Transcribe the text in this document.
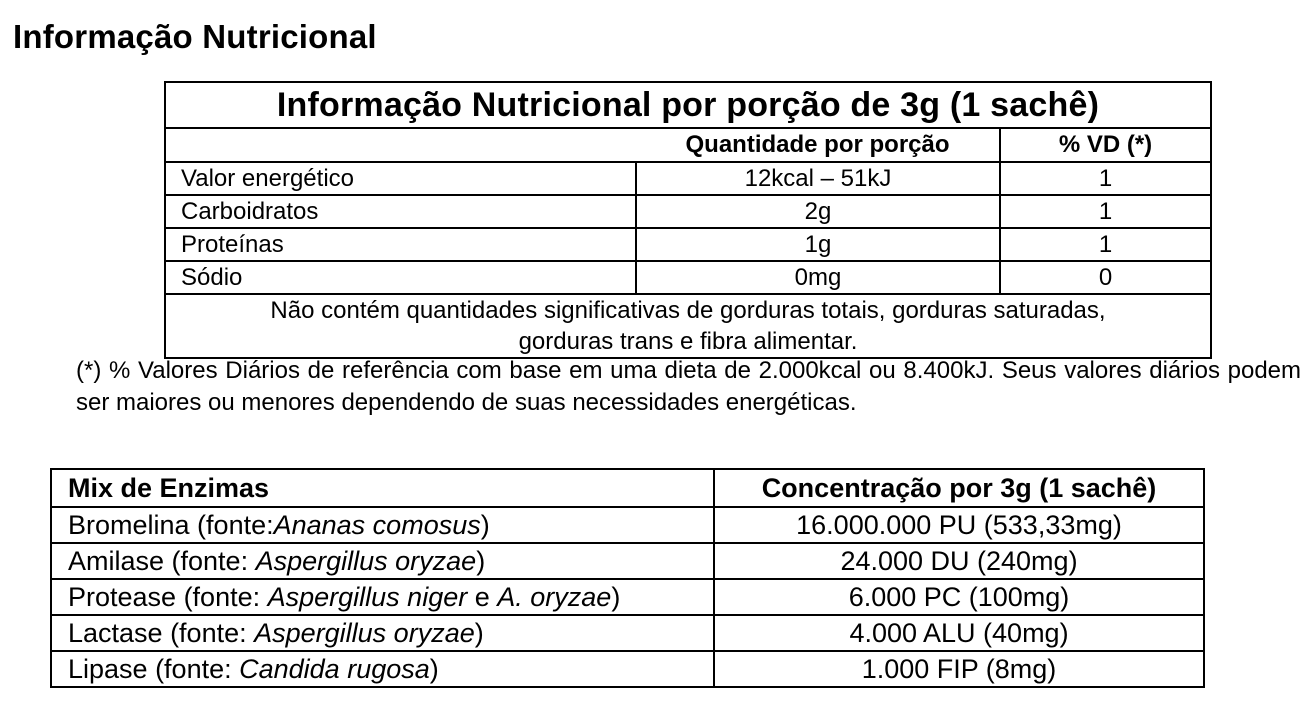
Informação Nutricional
Informação Nutricional por porção de 3g (1 sachê)		
	Quantidade por porção	% VD (*)
Valor energético	12kcal – 51kJ	1
Carboidratos	2g	1
Proteínas	1g	1
Sódio	0mg	0
Não contém quantidades significativas de gorduras totais, gorduras saturadas,
gorduras trans e fibra alimentar.		
(*) % Valores Diários de referência com base em uma dieta de 2.000kcal ou 8.400kJ. Seus valores diários podem ser maiores ou menores dependendo de suas necessidades energéticas.
Mix de Enzimas	Concentração por 3g (1 sachê)
Bromelina (fonte:Ananas comosus)	16.000.000 PU (533,33mg)
Amilase (fonte: Aspergillus oryzae)	24.000 DU (240mg)
Protease (fonte: Aspergillus niger e A. oryzae)	6.000 PC (100mg)
Lactase (fonte: Aspergillus oryzae)	4.000 ALU (40mg)
Lipase (fonte: Candida rugosa)	1.000 FIP (8mg)
